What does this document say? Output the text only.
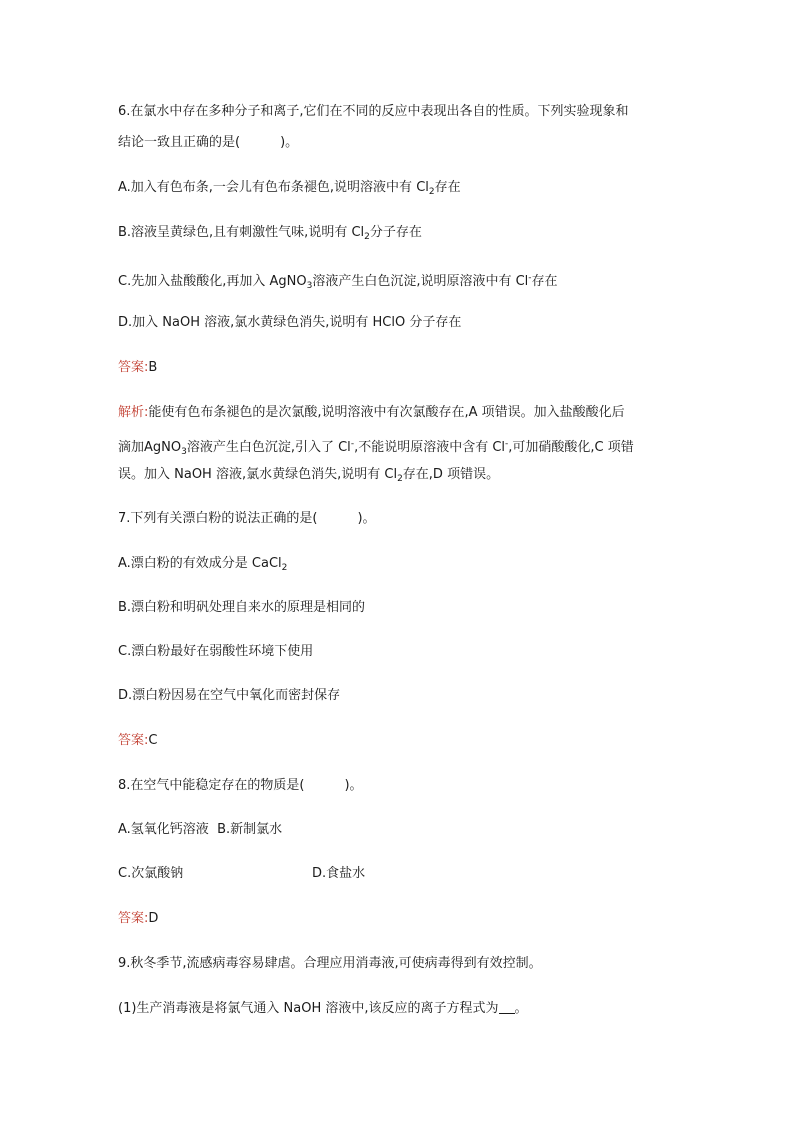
6.在氯水中存在多种分子和离子,它们在不同的反应中表现出各自的性质。下列实验现象和
结论一致且正确的是(	)。
A.加入有色布条,一会儿有色布条褪色,说明溶液中有 $Cl_2$存在
B.溶液呈黄绿色,且有刺激性气味,说明有 $Cl_2$分子存在
C.先加入盐酸酸化,再加入 AgNO$_3$溶液产生白色沉淀,说明原溶液中有 Cl-存在
D.加入 NaOH 溶液,氯水黄绿色消失,说明有 HClO 分子存在
答案:B
解析:能使有色布条褪色的是次氯酸,说明溶液中有次氯酸存在,A 项错误。加入盐酸酸化后
滴加AgNO$_3$溶液产生白色沉淀,引入了 Cl-,不能说明原溶液中含有 Cl-,可加硝酸酸化,C 项错
误。加入 NaOH 溶液,氯水黄绿色消失,说明有 $Cl_2$存在,D 项错误。
7.下列有关漂白粉的说法正确的是(	)。
A.漂白粉的有效成分是 CaCl$_2$
B.漂白粉和明矾处理自来水的原理是相同的
C.漂白粉最好在弱酸性环境下使用
D.漂白粉因易在空气中氧化而密封保存
答案:C
8.在空气中能稳定存在的物质是(	)。
A.氢氧化钙溶液 B.新制氯水
C.次氯酸钠	D.食盐水
答案:D
9.秋冬季节,流感病毒容易肆虐。合理应用消毒液,可使病毒得到有效控制。
(1)生产消毒液是将氯气通入 NaOH 溶液中,该反应的离子方程式为 。
